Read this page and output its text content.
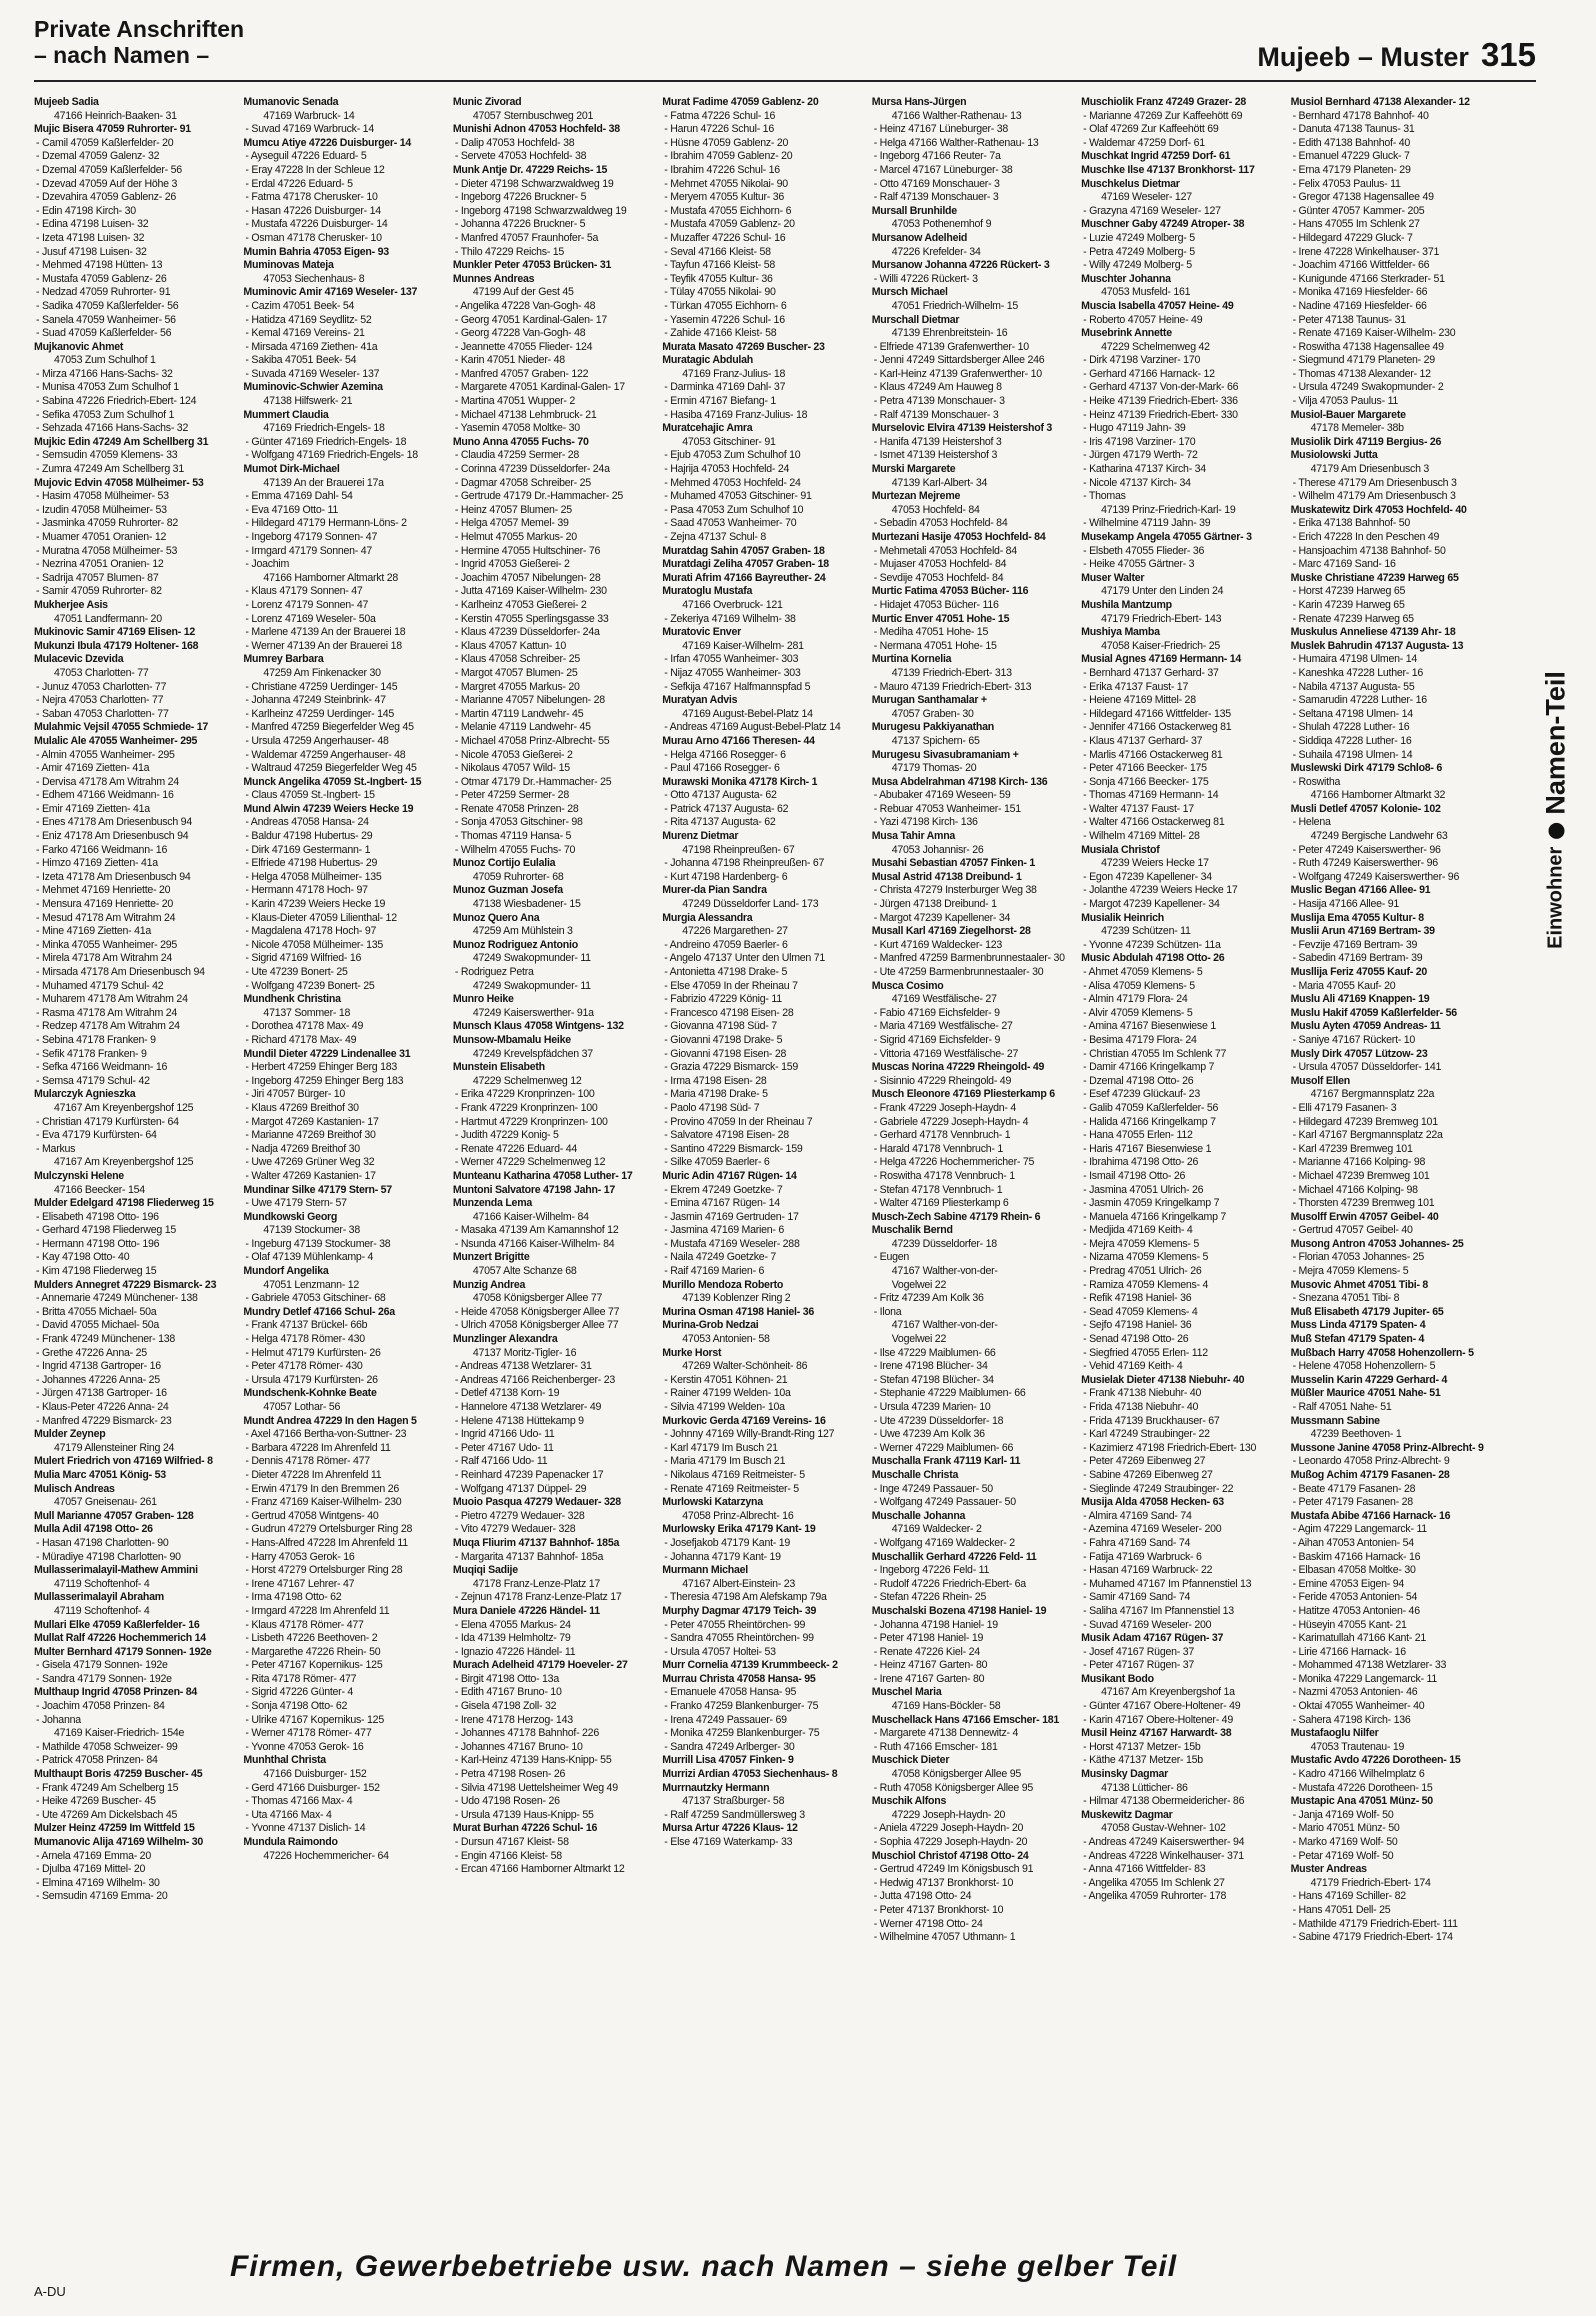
Private Anschriften
– nach Namen –	Mujeeb – Muster 315
Mujeeb Sadia
47166 Heinrich-Baaken- 31
Mujic Bisera 47059 Ruhrorter- 91
- Camil 47059 Kaßlerfelder- 20
- Dzemal 47059 Galenz- 32
- Dzemal 47059 Kaßlerfelder- 56
- Dzevad 47059 Auf der Höhe 3
- Dzevahira 47059 Gablenz- 26
- Edin 47198 Kirch- 30
- Edina 47198 Luisen- 32
- Izeta 47198 Luisen- 32
- Jusuf 47198 Luisen- 32
- Mehmed 47198 Hütten- 13
- Mustafa 47059 Gablenz- 26
- Nedzad 47059 Ruhrorter- 91
- Sadika 47059 Kaßlerfelder- 56
- Sanela 47059 Wanheimer- 56
- Suad 47059 Kaßlerfelder- 56
Mujkanovic Ahmet
47053 Zum Schulhof 1
- Mirza 47166 Hans-Sachs- 32
- Munisa 47053 Zum Schulhof 1
- Sabina 47226 Friedrich-Ebert- 124
- Sefika 47053 Zum Schulhof 1
- Sehzada 47166 Hans-Sachs- 32
Mujkic Edin 47249 Am Schellberg 31
- Semsudin 47059 Klemens- 33
- Zumra 47249 Am Schellberg 31
Mujovic Edvin 47058 Mülheimer- 53
- Hasim 47058 Mülheimer- 53
- Izudin 47058 Mülheimer- 53
- Jasminka 47059 Ruhrorter- 82
- Muamer 47051 Oranien- 12
- Muratna 47058 Mülheimer- 53
- Nezrina 47051 Oranien- 12
- Sadrija 47057 Blumen- 87
- Samir 47059 Ruhrorter- 82
Mukherjee Asis
47051 Landfermann- 20
Mukinovic Samir 47169 Elisen- 12
Mukunzi Ibula 47179 Holtener- 168
Mulacevic Dzevida
47053 Charlotten- 77
- Junuz 47053 Charlotten- 77
- Nejra 47053 Charlotten- 77
- Saban 47053 Charlotten- 77
Mulahmic Vejsil 47055 Schmiede- 17
Mulalic Ale 47055 Wanheimer- 295
- Almin 47055 Wanheimer- 295
- Amir 47169 Zietten- 41a
- Dervisa 47178 Am Witrahm 24
- Edhem 47166 Weidmann- 16
- Emir 47169 Zietten- 41a
- Enes 47178 Am Driesenbusch 94
- Eniz 47178 Am Driesenbusch 94
- Farko 47166 Weidmann- 16
- Himzo 47169 Zietten- 41a
- Izeta 47178 Am Driesenbusch 94
- Mehmet 47169 Henriette- 20
- Mensura 47169 Henriette- 20
- Mesud 47178 Am Witrahm 24
- Mine 47169 Zietten- 41a
- Minka 47055 Wanheimer- 295
- Mirela 47178 Am Witrahm 24
- Mirsada 47178 Am Driesenbusch 94
- Muhamed 47179 Schul- 42
- Muharem 47178 Am Witrahm 24
- Rasma 47178 Am Witrahm 24
- Redzep 47178 Am Witrahm 24
- Sebina 47178 Franken- 9
- Sefik 47178 Franken- 9
- Sefka 47166 Weidmann- 16
- Semsa 47179 Schul- 42
Mularczyk Agnieszka
47167 Am Kreyenbergshof 125
- Christian 47179 Kurfürsten- 64
- Eva 47179 Kurfürsten- 64
- Markus
47167 Am Kreyenbergshof 125
Mulczynski Helene
47166 Beecker- 154
Mulder Edelgard 47198 Fliederweg 15
- Elisabeth 47198 Otto- 196
- Gerhard 47198 Fliederweg 15
- Hermann 47198 Otto- 196
- Kay 47198 Otto- 40
- Kim 47198 Fliederweg 15
Mulders Annegret 47229 Bismarck- 23
- Annemarie 47249 Münchener- 138
- Britta 47055 Michael- 50a
- David 47055 Michael- 50a
- Frank 47249 Münchener- 138
- Grethe 47226 Anna- 25
- Ingrid 47138 Gartroper- 16
- Johannes 47226 Anna- 25
- Jürgen 47138 Gartroper- 16
- Klaus-Peter 47226 Anna- 24
- Manfred 47229 Bismarck- 23
Mulder Zeynep
47179 Allensteiner Ring 24
Mulert Friedrich von 47169 Wilfried- 8
Mulia Marc 47051 König- 53
Mulisch Andreas
47057 Gneisenau- 261
Mull Marianne 47057 Graben- 128
Mulla Adil 47198 Otto- 26
- Hasan 47198 Charlotten- 90
- Müradiye 47198 Charlotten- 90
Mullasserimalayil-Mathew Ammini
47119 Schoftenhof- 4
Mullasserimalayil Abraham
47119 Schoftenhof- 4
Mullari Elke 47059 Kaßlerfelder- 16
Mullat Ralf 47226 Hochemmerich 14
Multer Bernhard 47179 Sonnen- 192e
- Gisela 47179 Sonnen- 192e
- Sandra 47179 Sonnen- 192e
Multhaup Ingrid 47058 Prinzen- 84
- Joachim 47058 Prinzen- 84
- Johanna
47169 Kaiser-Friedrich- 154e
- Mathilde 47058 Schweizer- 99
- Patrick 47058 Prinzen- 84
Multhaupt Boris 47259 Buscher- 45
- Frank 47249 Am Schelberg 15
- Heike 47269 Buscher- 45
- Ute 47269 Am Dickelsbach 45
Mulzer Heinz 47259 Im Wittfeld 15
Mumanovic Alija 47169 Wilhelm- 30
- Arnela 47169 Emma- 20
- Djulba 47169 Mittel- 20
- Elmina 47169 Wilhelm- 30
- Semsudin 47169 Emma- 20
Mumanovic Senada
47169 Warbruck- 14
- Suvad 47169 Warbruck- 14
Mumcu Atiye 47226 Duisburger- 14
- Ayseguil 47226 Eduard- 5
- Eray 47228 In der Schleue 12
- Erdal 47226 Eduard- 5
- Fatma 47178 Cherusker- 10
- Hasan 47226 Duisburger- 14
- Mustafa 47226 Duisburger- 14
- Osman 47178 Cherusker- 10
Mumin Bahria 47053 Eigen- 93
Muminovas Mateja
47053 Siechenhaus- 8
Muminovic Amir 47169 Weseler- 137
- Cazim 47051 Beek- 54
- Hatidza 47169 Seydlitz- 52
- Kemal 47169 Vereins- 21
- Mirsada 47169 Ziethen- 41a
- Sakiba 47051 Beek- 54
- Suvada 47169 Weseler- 137
Muminovic-Schwier Azemina
47138 Hilfswerk- 21
Mummert Claudia
47169 Friedrich-Engels- 18
- Günter 47169 Friedrich-Engels- 18
- Wolfgang 47169 Friedrich-Engels- 18
Mumot Dirk-Michael
47139 An der Brauerei 17a
- Emma 47169 Dahl- 54
- Eva 47169 Otto- 11
- Hildegard 47179 Hermann-Löns- 2
- Ingeborg 47179 Sonnen- 47
- Irmgard 47179 Sonnen- 47
- Joachim
47166 Hamborner Altmarkt 28
- Klaus 47179 Sonnen- 47
- Lorenz 47179 Sonnen- 47
- Lorenz 47169 Weseler- 50a
- Marlene 47139 An der Brauerei 18
- Werner 47139 An der Brauerei 18
Mumrey Barbara
47259 Am Finkenacker 30
- Christiane 47259 Uerdinger- 145
- Johanna 47249 Steinbrink- 47
- Karlheinz 47259 Uerdinger- 145
- Manfred 47259 Biegerfelder Weg 45
- Ursula 47259 Angerhauser- 48
- Waldemar 47259 Angerhauser- 48
- Waltraud 47259 Biegerfelder Weg 45
Munck Angelika 47059 St.-Ingbert- 15
- Claus 47059 St.-Ingbert- 15
Mund Alwin 47239 Weiers Hecke 19
- Andreas 47058 Hansa- 24
- Baldur 47198 Hubertus- 29
- Dirk 47169 Gestermann- 1
- Elfriede 47198 Hubertus- 29
- Helga 47058 Mülheimer- 135
- Hermann 47178 Hoch- 97
- Karin 47239 Weiers Hecke 19
- Klaus-Dieter 47059 Lilienthal- 12
- Magdalena 47178 Hoch- 97
- Nicole 47058 Mülheimer- 135
- Sigrid 47169 Wilfried- 16
- Ute 47239 Bonert- 25
- Wolfgang 47239 Bonert- 25
Mundhenk Christina
47137 Sommer- 18
- Dorothea 47178 Max- 49
- Richard 47178 Max- 49
Mundil Dieter 47229 Lindenallee 31
- Herbert 47259 Ehinger Berg 183
- Ingeborg 47259 Ehinger Berg 183
- Jiri 47057 Bürger- 10
- Klaus 47269 Breithof 30
- Margot 47269 Kastanien- 17
- Marianne 47269 Breithof 30
- Nadja 47269 Breithof 30
- Uwe 47269 Grüner Weg 32
- Walter 47269 Kastanien- 17
Mundinar Silke 47179 Stern- 57
- Uwe 47179 Stern- 57
Mundkowski Georg
47139 Stockumer- 38
- Ingeburg 47139 Stockumer- 38
- Olaf 47139 Mühlenkamp- 4
Mundorf Angelika
47051 Lenzmann- 12
- Gabriele 47053 Gitschiner- 68
Mundry Detlef 47166 Schul- 26a
- Frank 47137 Brückel- 66b
- Helga 47178 Römer- 430
- Helmut 47179 Kurfürsten- 26
- Peter 47178 Römer- 430
- Ursula 47179 Kurfürsten- 26
Mundschenk-Kohnke Beate
47057 Lothar- 56
Mundt Andrea 47229 In den Hagen 5
- Axel 47166 Bertha-von-Suttner- 23
- Barbara 47228 Im Ahrenfeld 11
- Dennis 47178 Römer- 477
- Dieter 47228 Im Ahrenfeld 11
- Erwin 47179 In den Bremmen 26
- Franz 47169 Kaiser-Wilhelm- 230
- Gertrud 47058 Wintgens- 40
- Gudrun 47279 Ortelsburger Ring 28
- Hans-Alfred 47228 Im Ahrenfeld 11
- Harry 47053 Gerok- 16
- Horst 47279 Ortelsburger Ring 28
- Irene 47167 Lehrer- 47
- Irma 47198 Otto- 62
- Irmgard 47228 Im Ahrenfeld 11
- Klaus 47178 Römer- 477
- Lisbeth 47226 Beethoven- 2
- Margarethe 47226 Rhein- 50
- Peter 47167 Kopernikus- 125
- Rita 47178 Römer- 477
- Sigrid 47226 Günter- 4
- Sonja 47198 Otto- 62
- Ulrike 47167 Kopernikus- 125
- Werner 47178 Römer- 477
- Yvonne 47053 Gerok- 16
Munhthal Christa
47166 Duisburger- 152
- Gerd 47166 Duisburger- 152
- Thomas 47166 Max- 4
- Uta 47166 Max- 4
- Yvonne 47137 Dislich- 14
Mundula Raimondo
47226 Hochemmericher- 64
Munic Zivorad
47057 Sternbuschweg 201
Munishi Adnon 47053 Hochfeld- 38
- Dalip 47053 Hochfeld- 38
- Servete 47053 Hochfeld- 38
Munk Antje Dr. 47229 Reichs- 15
- Dieter 47198 Schwarzwaldweg 19
- Ingeborg 47226 Bruckner- 5
- Ingeborg 47198 Schwarzwaldweg 19
- Johanna 47226 Bruckner- 5
- Manfred 47057 Fraunhofer- 5a
- Thilo 47229 Reichs- 15
Munkler Peter 47053 Brücken- 31
Munnes Andreas
47199 Auf der Gest 45
- Angelika 47228 Van-Gogh- 48
- Georg 47051 Kardinal-Galen- 17
- Georg 47228 Van-Gogh- 48
- Jeannette 47055 Flieder- 124
- Karin 47051 Nieder- 48
- Manfred 47057 Graben- 122
- Margarete 47051 Kardinal-Galen- 17
- Martina 47051 Wupper- 2
- Michael 47138 Lehmbruck- 21
- Yasemin 47058 Moltke- 30
Muno Anna 47055 Fuchs- 70
- Claudia 47259 Sermer- 28
- Corinna 47239 Düsseldorfer- 24a
- Dagmar 47058 Schreiber- 25
- Gertrude 47179 Dr.-Hammacher- 25
- Heinz 47057 Blumen- 25
- Helga 47057 Memel- 39
- Helmut 47055 Markus- 20
- Hermine 47055 Hultschiner- 76
- Ingrid 47053 Gießerei- 2
- Joachim 47057 Nibelungen- 28
- Jutta 47169 Kaiser-Wilhelm- 230
- Karlheinz 47053 Gießerei- 2
- Kerstin 47055 Sperlingsgasse 33
- Klaus 47239 Düsseldorfer- 24a
- Klaus 47057 Kattun- 10
- Klaus 47058 Schreiber- 25
- Margot 47057 Blumen- 25
- Margret 47055 Markus- 20
- Marianne 47057 Nibelungen- 28
- Martin 47119 Landwehr- 45
- Melanie 47119 Landwehr- 45
- Michael 47058 Prinz-Albrecht- 55
- Nicole 47053 Gießerei- 2
- Nikolaus 47057 Wild- 15
- Otmar 47179 Dr.-Hammacher- 25
- Peter 47259 Sermer- 28
- Renate 47058 Prinzen- 28
- Sonja 47053 Gitschiner- 98
- Thomas 47119 Hansa- 5
- Wilhelm 47055 Fuchs- 70
Munoz Cortijo Eulalia
47059 Ruhrorter- 68
Munoz Guzman Josefa
47138 Wiesbadener- 15
Munoz Quero Ana
47259 Am Mühlstein 3
Munoz Rodriguez Antonio
47249 Swakopmunder- 11
- Rodriguez Petra
47249 Swakopmunder- 11
Munro Heike
47249 Kaiserswerther- 91a
Munsch Klaus 47058 Wintgens- 132
Munsow-Mbamalu Heike
47249 Krevelspfädchen 37
Munstein Elisabeth
47229 Schelmenweg 12
- Erika 47229 Kronprinzen- 100
- Frank 47229 Kronprinzen- 100
- Hartmut 47229 Kronprinzen- 100
- Judith 47229 Konig- 5
- Renate 47226 Eduard- 44
- Werner 47229 Schelmenweg 12
Munteanu Katharina 47058 Luther- 17
Muntoni Salvatore 47198 Jahn- 17
Munzenda Lema
47166 Kaiser-Wilhelm- 84
- Masaka 47139 Am Kamannshof 12
- Nsunda 47166 Kaiser-Wilhelm- 84
Munzert Brigitte
47057 Alte Schanze 68
Munzig Andrea
47058 Königsberger Allee 77
- Heide 47058 Königsberger Allee 77
- Ulrich 47058 Königsberger Allee 77
Munzlinger Alexandra
47137 Moritz-Tigler- 16
- Andreas 47138 Wetzlarer- 31
- Andreas 47166 Reichenberger- 23
- Detlef 47138 Korn- 19
- Hannelore 47138 Wetzlarer- 49
- Helene 47138 Hüttekamp 9
- Ingrid 47166 Udo- 11
- Peter 47167 Udo- 11
- Ralf 47166 Udo- 11
- Reinhard 47239 Papenacker 17
- Wolfgang 47137 Düppel- 29
Muoio Pasqua 47279 Wedauer- 328
- Pietro 47279 Wedauer- 328
- Vito 47279 Wedauer- 328
Muqa Fliurim 47137 Bahnhof- 185a
- Margarita 47137 Bahnhof- 185a
Muqiqi Sadije
47178 Franz-Lenze-Platz 17
- Zejnun 47178 Franz-Lenze-Platz 17
Mura Daniele 47226 Händel- 11
- Elena 47055 Markus- 24
- Ida 47139 Helmholtz- 79
- Ignazio 47226 Händel- 11
Murach Adelheid 47179 Hoeveler- 27
- Birgit 47198 Otto- 13a
- Edith 47167 Bruno- 10
- Gisela 47198 Zoll- 32
- Irene 47178 Herzog- 143
- Johannes 47178 Bahnhof- 226
- Johannes 47167 Bruno- 10
- Karl-Heinz 47139 Hans-Knipp- 55
- Petra 47198 Rosen- 26
- Silvia 47198 Uettelsheimer Weg 49
- Udo 47198 Rosen- 26
- Ursula 47139 Haus-Knipp- 55
Murat Burhan 47226 Schul- 16
- Dursun 47167 Kleist- 58
- Engin 47166 Kleist- 58
- Ercan 47166 Hamborner Altmarkt 12
Murat Fadime 47059 Gablenz- 20
- Fatma 47226 Schul- 16
- Harun 47226 Schul- 16
- Hüsne 47059 Gablenz- 20
- Ibrahim 47059 Gablenz- 20
- Ibrahim 47226 Schul- 16
- Mehmet 47055 Nikolai- 90
- Meryem 47055 Kultur- 36
- Mustafa 47055 Eichhorn- 6
- Mustafa 47059 Gablenz- 20
- Muzaffer 47226 Schul- 16
- Seval 47166 Kleist- 58
- Tayfun 47166 Kleist- 58
- Teyfik 47055 Kultur- 36
- Tülay 47055 Nikolai- 90
- Türkan 47055 Eichhorn- 6
- Yasemin 47226 Schul- 16
- Zahide 47166 Kleist- 58
Murata Masato 47269 Buscher- 23
Muratagic Abdulah
47169 Franz-Julius- 18
- Darminka 47169 Dahl- 37
- Ermin 47167 Biefang- 1
- Hasiba 47169 Franz-Julius- 18
Muratcehajic Amra
47053 Gitschiner- 91
- Ejub 47053 Zum Schulhof 10
- Hajrija 47053 Hochfeld- 24
- Mehmed 47053 Hochfeld- 24
- Muhamed 47053 Gitschiner- 91
- Pasa 47053 Zum Schulhof 10
- Saad 47053 Wanheimer- 70
- Zejna 47137 Schul- 8
Muratdag Sahin 47057 Graben- 18
Muratdagi Zeliha 47057 Graben- 18
Murati Afrim 47166 Bayreuther- 24
Muratoglu Mustafa
47166 Overbruck- 121
- Zekeriya 47169 Wilhelm- 38
Muratovic Enver
47169 Kaiser-Wilhelm- 281
- Irfan 47055 Wanheimer- 303
- Nijaz 47055 Wanheimer- 303
- Sefkija 47167 Halfmannspfad 5
Muratyan Advis
47169 August-Bebel-Platz 14
- Andreas 47169 August-Bebel-Platz 14
Murau Arno 47166 Theresen- 44
- Helga 47166 Rosegger- 6
- Paul 47166 Rosegger- 6
Murawski Monika 47178 Kirch- 1
- Otto 47137 Augusta- 62
- Patrick 47137 Augusta- 62
- Rita 47137 Augusta- 62
Murenz Dietmar
47198 Rheinpreußen- 67
- Johanna 47198 Rheinpreußen- 67
- Kurt 47198 Hardenberg- 6
Murer-da Pian Sandra
47249 Düsseldorfer Land- 173
Murgia Alessandra
47226 Margarethen- 27
- Andreino 47059 Baerler- 6
- Angelo 47137 Unter den Ulmen 71
- Antonietta 47198 Drake- 5
- Else 47059 In der Rheinau 7
- Fabrizio 47229 König- 11
- Francesco 47198 Eisen- 28
- Giovanna 47198 Süd- 7
- Giovanni 47198 Drake- 5
- Giovanni 47198 Eisen- 28
- Grazia 47229 Bismarck- 159
- Irma 47198 Eisen- 28
- Maria 47198 Drake- 5
- Paolo 47198 Süd- 7
- Provino 47059 In der Rheinau 7
- Salvatore 47198 Eisen- 28
- Santino 47229 Bismarck- 159
- Silke 47059 Baerler- 6
Muric Adin 47167 Rügen- 14
- Ekrem 47249 Goetzke- 7
- Emina 47167 Rügen- 14
- Jasmin 47169 Gertruden- 17
- Jasmina 47169 Marien- 6
- Mustafa 47169 Weseler- 288
- Naila 47249 Goetzke- 7
- Raif 47169 Marien- 6
Murillo Mendoza Roberto
47139 Koblenzer Ring 2
Murina Osman 47198 Haniel- 36
Murina-Grob Nedzai
47053 Antonien- 58
Murke Horst
47269 Walter-Schönheit- 86
- Kerstin 47051 Köhnen- 21
- Rainer 47199 Welden- 10a
- Silvia 47199 Welden- 10a
Murkovic Gerda 47169 Vereins- 16
- Johnny 47169 Willy-Brandt-Ring 127
- Karl 47179 Im Busch 21
- Maria 47179 Im Busch 21
- Nikolaus 47169 Reitmeister- 5
- Renate 47169 Reitmeister- 5
Murlowski Katarzyna
47058 Prinz-Albrecht- 16
Murlowsky Erika 47179 Kant- 19
- Josefjakob 47179 Kant- 19
- Johanna 47179 Kant- 19
Murmann Michael
47167 Albert-Einstein- 23
- Theresia 47198 Am Alefskamp 79a
Murphy Dagmar 47179 Teich- 39
- Peter 47055 Rheintörchen- 99
- Sandra 47055 Rheintörchen- 99
- Ursula 47057 Holtei- 53
Murr Cornelia 47139 Krummbeeck- 2
Murrau Christa 47058 Hansa- 95
- Emanuele 47058 Hansa- 95
- Franko 47259 Blankenburger- 75
- Irena 47249 Passauer- 69
- Monika 47259 Blankenburger- 75
- Sandra 47249 Arlberger- 30
Murrill Lisa 47057 Finken- 9
Murrizi Ardian 47053 Siechenhaus- 8
Murrnautzky Hermann
47137 Straßburger- 58
- Ralf 47259 Sandmüllersweg 3
Mursa Artur 47226 Klaus- 12
- Else 47169 Waterkamp- 33
Mursa Hans-Jürgen
47166 Walther-Rathenau- 13
- Heinz 47167 Lüneburger- 38
- Helga 47166 Walther-Rathenau- 13
- Ingeborg 47166 Reuter- 7a
- Marcel 47167 Lüneburger- 38
- Otto 47169 Monschauer- 3
- Ralf 47139 Monschauer- 3
Mursall Brunhilde
47053 Pothenemhof 9
Mursanow Adelheid
47226 Krefelder- 34
Mursanow Johanna 47226 Rückert- 3
- Willi 47226 Rückert- 3
Mursch Michael
47051 Friedrich-Wilhelm- 15
Murschall Dietmar
47139 Ehrenbreitstein- 16
- Elfriede 47139 Grafenwerther- 10
- Jenni 47249 Sittardsberger Allee 246
- Karl-Heinz 47139 Grafenwerther- 10
- Klaus 47249 Am Hauweg 8
- Petra 47139 Monschauer- 3
- Ralf 47139 Monschauer- 3
Murselovic Elvira 47139 Heistershof 3
- Hanifa 47139 Heistershof 3
- Ismet 47139 Heistershof 3
Murski Margarete
47139 Karl-Albert- 34
Murtezan Mejreme
47053 Hochfeld- 84
- Sebadin 47053 Hochfeld- 84
Murtezani Hasije 47053 Hochfeld- 84
- Mehmetali 47053 Hochfeld- 84
- Mujaser 47053 Hochfeld- 84
- Sevdije 47053 Hochfeld- 84
Murtic Fatima 47053 Bücher- 116
- Hidajet 47053 Bücher- 116
Murtic Enver 47051 Hohe- 15
- Mediha 47051 Hohe- 15
- Nermana 47051 Hohe- 15
Murtina Kornelia
47139 Friedrich-Ebert- 313
- Mauro 47139 Friedrich-Ebert- 313
Murugan Santhamalar +
47057 Graben- 30
Murugesu Pakkiyanathan
47137 Spichern- 65
Murugesu Sivasubramaniam +
47179 Thomas- 20
Musa Abdelrahman 47198 Kirch- 136
- Abubaker 47169 Weseen- 59
- Rebuar 47053 Wanheimer- 151
- Yazi 47198 Kirch- 136
Musa Tahir Amna
47053 Johannisr- 26
Musahi Sebastian 47057 Finken- 1
Musal Astrid 47138 Dreibund- 1
- Christa 47279 Insterburger Weg 38
- Jürgen 47138 Dreibund- 1
- Margot 47239 Kapellener- 34
Musall Karl 47169 Ziegelhorst- 28
- Kurt 47169 Waldecker- 123
- Manfred 47259 Barmenbrunnestaaler- 30
- Ute 47259 Barmenbrunnestaaler- 30
Musca Cosimo
47169 Westfälische- 27
- Fabio 47169 Eichsfelder- 9
- Maria 47169 Westfälische- 27
- Sigrid 47169 Eichsfelder- 9
- Vittoria 47169 Westfälische- 27
Muscas Norina 47229 Rheingold- 49
- Sisinnio 47229 Rheingold- 49
Musch Eleonore 47169 Pliesterkamp 6
- Frank 47229 Joseph-Haydn- 4
- Gabriele 47229 Joseph-Haydn- 4
- Gerhard 47178 Vennbruch- 1
- Harald 47178 Vennbruch- 1
- Helga 47226 Hochemmericher- 75
- Roswitha 47178 Vennbruch- 1
- Stefan 47178 Vennbruch- 1
- Walter 47169 Pliesterkamp 6
Musch-Zech Sabine 47179 Rhein- 6
Muschalik Bernd
47239 Düsseldorfer- 18
- Eugen
47167 Walther-von-der-
Vogelwei 22
- Fritz 47239 Am Kolk 36
- Ilona
47167 Walther-von-der-
Vogelwei 22
- Ilse 47229 Maiblumen- 66
- Irene 47198 Blücher- 34
- Stefan 47198 Blücher- 34
- Stephanie 47229 Maiblumen- 66
- Ursula 47239 Marien- 10
- Ute 47239 Düsseldorfer- 18
- Uwe 47239 Am Kolk 36
- Werner 47229 Maiblumen- 66
Muschalla Frank 47119 Karl- 11
Muschalle Christa
- Inge 47249 Passauer- 50
- Wolfgang 47249 Passauer- 50
Muschalle Johanna
47169 Waldecker- 2
- Wolfgang 47169 Waldecker- 2
Muschallik Gerhard 47226 Feld- 11
- Ingeborg 47226 Feld- 11
- Rudolf 47226 Friedrich-Ebert- 6a
- Stefan 47226 Rhein- 25
Muschalski Bozena 47198 Haniel- 19
- Johanna 47198 Haniel- 19
- Peter 47198 Haniel- 19
- Renate 47226 Kiel- 24
- Heinz 47167 Garten- 80
- Irene 47167 Garten- 80
Muschel Maria
47169 Hans-Böckler- 58
Muschellack Hans 47166 Emscher- 181
- Margarete 47138 Dennewitz- 4
- Ruth 47166 Emscher- 181
Muschick Dieter
47058 Königsberger Allee 95
- Ruth 47058 Königsberger Allee 95
Muschik Alfons
47229 Joseph-Haydn- 20
- Aniela 47229 Joseph-Haydn- 20
- Sophia 47229 Joseph-Haydn- 20
Muschiol Christof 47198 Otto- 24
- Gertrud 47249 Im Königsbusch 91
- Hedwig 47137 Bronkhorst- 10
- Jutta 47198 Otto- 24
- Peter 47137 Bronkhorst- 10
- Werner 47198 Otto- 24
- Wilhelmine 47057 Uthmann- 1
Muschiolik Franz 47249 Grazer- 28
- Marianne 47269 Zur Kaffeehött 69
- Olaf 47269 Zur Kaffeehött 69
- Waldemar 47259 Dorf- 61
Muschkat Ingrid 47259 Dorf- 61
Muschke Ilse 47137 Bronkhorst- 117
Muschkelus Dietmar
47169 Weseler- 127
- Grazyna 47169 Weseler- 127
Muschner Gaby 47249 Atroper- 38
- Luzie 47249 Molberg- 5
- Petra 47249 Molberg- 5
- Willy 47249 Molberg- 5
Muschter Johanna
47053 Musfeld- 161
Muscia Isabella 47057 Heine- 49
- Roberto 47057 Heine- 49
Musebrink Annette
47229 Schelmenweg 42
- Dirk 47198 Varziner- 170
- Gerhard 47166 Harnack- 12
- Gerhard 47137 Von-der-Mark- 66
- Heike 47139 Friedrich-Ebert- 336
- Heinz 47139 Friedrich-Ebert- 330
- Hugo 47119 Jahn- 39
- Iris 47198 Varziner- 170
- Jürgen 47179 Werth- 72
- Katharina 47137 Kirch- 34
- Nicole 47137 Kirch- 34
- Thomas
47139 Prinz-Friedrich-Karl- 19
- Wilhelmine 47119 Jahn- 39
Musekamp Angela 47055 Gärtner- 3
- Elsbeth 47055 Flieder- 36
- Heike 47055 Gärtner- 3
Muser Walter
47179 Unter den Linden 24
Mushila Mantzump
47179 Friedrich-Ebert- 143
Mushiya Mamba
47058 Kaiser-Friedrich- 25
Musial Agnes 47169 Hermann- 14
- Bernhard 47137 Gerhard- 37
- Erika 47137 Faust- 17
- Heiene 47169 Mittel- 28
- Hildegard 47166 Wittfelder- 135
- Jennifer 47166 Ostackerweg 81
- Klaus 47137 Gerhard- 37
- Marlis 47166 Ostackerweg 81
- Peter 47166 Beecker- 175
- Sonja 47166 Beecker- 175
- Thomas 47169 Hermann- 14
- Walter 47137 Faust- 17
- Walter 47166 Ostackerweg 81
- Wilhelm 47169 Mittel- 28
Musiala Christof
47239 Weiers Hecke 17
- Egon 47239 Kapellener- 34
- Jolanthe 47239 Weiers Hecke 17
- Margot 47239 Kapellener- 34
Musialik Heinrich
47239 Schützen- 11
- Yvonne 47239 Schützen- 11a
Music Abdulah 47198 Otto- 26
- Ahmet 47059 Klemens- 5
- Alisa 47059 Klemens- 5
- Almin 47179 Flora- 24
- Alvir 47059 Klemens- 5
- Amina 47167 Biesenwiese 1
- Besima 47179 Flora- 24
- Christian 47055 Im Schlenk 77
- Damir 47166 Kringelkamp 7
- Dzemal 47198 Otto- 26
- Esef 47239 Glückauf- 23
- Galib 47059 Kaßlerfelder- 56
- Halida 47166 Kringelkamp 7
- Hana 47055 Erlen- 112
- Haris 47167 Biesenwiese 1
- Ibrahima 47198 Otto- 26
- Ismail 47198 Otto- 26
- Jasmina 47051 Ulrich- 26
- Jasmin 47059 Kringelkamp 7
- Manuela 47166 Kringelkamp 7
- Medjida 47169 Keith- 4
- Mejra 47059 Klemens- 5
- Nizama 47059 Klemens- 5
- Predrag 47051 Ulrich- 26
- Ramiza 47059 Klemens- 4
- Refik 47198 Haniel- 36
- Sead 47059 Klemens- 4
- Sejfo 47198 Haniel- 36
- Senad 47198 Otto- 26
- Siegfried 47055 Erlen- 112
- Vehid 47169 Keith- 4
Musielak Dieter 47138 Niebuhr- 40
- Frank 47138 Niebuhr- 40
- Frida 47138 Niebuhr- 40
- Frida 47139 Bruckhauser- 67
- Karl 47249 Straubinger- 22
- Kazimierz 47198 Friedrich-Ebert- 130
- Peter 47269 Eibenweg 27
- Sabine 47269 Eibenweg 27
- Sieglinde 47249 Straubinger- 22
Musija Alda 47058 Hecken- 63
- Almira 47169 Sand- 74
- Azemina 47169 Weseler- 200
- Fahra 47169 Sand- 74
- Fatija 47169 Warbruck- 6
- Hasan 47169 Warbruck- 22
- Muhamed 47167 Im Pfannenstiel 13
- Samir 47169 Sand- 74
- Saliha 47167 Im Pfannenstiel 13
- Suvad 47169 Weseler- 200
Musik Adam 47167 Rügen- 37
- Josef 47167 Rügen- 37
- Peter 47167 Rügen- 37
Musikant Bodo
47167 Am Kreyenbergshof 1a
- Günter 47167 Obere-Holtener- 49
- Karin 47167 Obere-Holtener- 49
Musil Heinz 47167 Harwardt- 38
- Horst 47137 Metzer- 15b
- Käthe 47137 Metzer- 15b
Musinsky Dagmar
47138 Lütticher- 86
- Hilmar 47138 Obermeidericher- 86
Muskewitz Dagmar
47058 Gustav-Wehner- 102
- Andreas 47249 Kaiserswerther- 94
- Andreas 47228 Winkelhauser- 371
- Anna 47166 Wittfelder- 83
- Angelika 47055 Im Schlenk 27
- Angelika 47059 Ruhrorter- 178
Musiol Bernhard 47138 Alexander- 12
- Bernhard 47178 Bahnhof- 40
- Danuta 47138 Taunus- 31
- Edith 47138 Bahnhof- 40
- Emanuel 47229 Gluck- 7
- Erna 47179 Planeten- 29
- Felix 47053 Paulus- 11
- Gregor 47138 Hagensallee 49
- Günter 47057 Kammer- 205
- Hans 47055 Im Schlenk 27
- Hildegard 47229 Gluck- 7
- Irene 47228 Winkelhauser- 371
- Joachim 47166 Wittfelder- 66
- Kunigunde 47166 Sterkrader- 51
- Monika 47169 Hiesfelder- 66
- Nadine 47169 Hiesfelder- 66
- Peter 47138 Taunus- 31
- Renate 47169 Kaiser-Wilhelm- 230
- Roswitha 47138 Hagensallee 49
- Siegmund 47179 Planeten- 29
- Thomas 47138 Alexander- 12
- Ursula 47249 Swakopmunder- 2
- Vilja 47053 Paulus- 11
Musiol-Bauer Margarete
47178 Memeler- 38b
Musiolik Dirk 47119 Bergius- 26
Musiolowski Jutta
47179 Am Driesenbusch 3
- Therese 47179 Am Driesenbusch 3
- Wilhelm 47179 Am Driesenbusch 3
Muskatewitz Dirk 47053 Hochfeld- 40
- Erika 47138 Bahnhof- 50
- Erich 47228 In den Peschen 49
- Hansjoachim 47138 Bahnhof- 50
- Marc 47169 Sand- 16
Muske Christiane 47239 Harweg 65
- Horst 47239 Harweg 65
- Karin 47239 Harweg 65
- Renate 47239 Harweg 65
Muskulus Anneliese 47139 Ahr- 18
Muslek Bahrudin 47137 Augusta- 13
- Humaira 47198 Ulmen- 14
- Kaneshka 47228 Luther- 16
- Nabila 47137 Augusta- 55
- Samarudin 47228 Luther- 16
- Seltana 47198 Ulmen- 14
- Shulah 47228 Luther- 16
- Siddiqa 47228 Luther- 16
- Suhaila 47198 Ulmen- 14
Muslewski Dirk 47179 Schlo8- 6
- Roswitha
47166 Hamborner Altmarkt 32
Musli Detlef 47057 Kolonie- 102
- Helena
47249 Bergische Landwehr 63
- Peter 47249 Kaiserswerther- 96
- Ruth 47249 Kaiserswerther- 96
- Wolfgang 47249 Kaiserswerther- 96
Muslic Began 47166 Allee- 91
- Hasija 47166 Allee- 91
Muslija Ema 47055 Kultur- 8
Muslii Arun 47169 Bertram- 39
- Fevzije 47169 Bertram- 39
- Sabedin 47169 Bertram- 39
Musllija Feriz 47055 Kauf- 20
- Maria 47055 Kauf- 20
Muslu Ali 47169 Knappen- 19
Muslu Hakif 47059 Kaßlerfelder- 56
Muslu Ayten 47059 Andreas- 11
- Saniye 47167 Rückert- 10
Musly Dirk 47057 Lützow- 23
- Ursula 47057 Düsseldorfer- 141
Musolf Ellen
47167 Bergmannsplatz 22a
- Elli 47179 Fasanen- 3
- Hildegard 47239 Bremweg 101
- Karl 47167 Bergmannsplatz 22a
- Karl 47239 Bremweg 101
- Marianne 47166 Kolping- 98
- Michael 47239 Bremweg 101
- Michael 47166 Kolping- 98
- Thorsten 47239 Bremweg 101
Musolff Erwin 47057 Geibel- 40
- Gertrud 47057 Geibel- 40
Musong Antron 47053 Johannes- 25
- Florian 47053 Johannes- 25
- Mejra 47059 Klemens- 5
Musovic Ahmet 47051 Tibi- 8
- Snezana 47051 Tibi- 8
Muß Elisabeth 47179 Jupiter- 65
Muss Linda 47179 Spaten- 4
Muß Stefan 47179 Spaten- 4
Mußbach Harry 47058 Hohenzollern- 5
- Helene 47058 Hohenzollern- 5
Musselin Karin 47229 Gerhard- 4
Müßler Maurice 47051 Nahe- 51
- Ralf 47051 Nahe- 51
Mussmann Sabine
47239 Beethoven- 1
Mussone Janine 47058 Prinz-Albrecht- 9
- Leonardo 47058 Prinz-Albrecht- 9
Mußog Achim 47179 Fasanen- 28
- Beate 47179 Fasanen- 28
- Peter 47179 Fasanen- 28
Mustafa Abibe 47166 Harnack- 16
- Agim 47229 Langemarck- 11
- Aihan 47053 Antonien- 54
- Baskim 47166 Harnack- 16
- Elbasan 47058 Moltke- 30
- Emine 47053 Eigen- 94
- Feride 47053 Antonien- 54
- Hatitze 47053 Antonien- 46
- Hüseyin 47055 Kant- 21
- Karimatullah 47166 Kant- 21
- Lirie 47166 Harnack- 16
- Mohammed 47138 Wetzlarer- 33
- Monika 47229 Langemarck- 11
- Nazmi 47053 Antonien- 46
- Oktai 47055 Wanheimer- 40
- Sahera 47198 Kirch- 136
Mustafaoglu Nilfer
47053 Trautenau- 19
Mustafic Avdo 47226 Dorotheen- 15
- Kadro 47166 Wilhelmplatz 6
- Mustafa 47226 Dorotheen- 15
Mustapic Ana 47051 Münz- 50
- Janja 47169 Wolf- 50
- Mario 47051 Münz- 50
- Marko 47169 Wolf- 50
- Petar 47169 Wolf- 50
Muster Andreas
47179 Friedrich-Ebert- 174
- Hans 47169 Schiller- 82
- Hans 47051 Dell- 25
- Mathilde 47179 Friedrich-Ebert- 111
- Sabine 47179 Friedrich-Ebert- 174
Einwohner
Namen-Teil
A-DU
Firmen, Gewerbebetriebe usw. nach Namen – siehe gelber Teil
